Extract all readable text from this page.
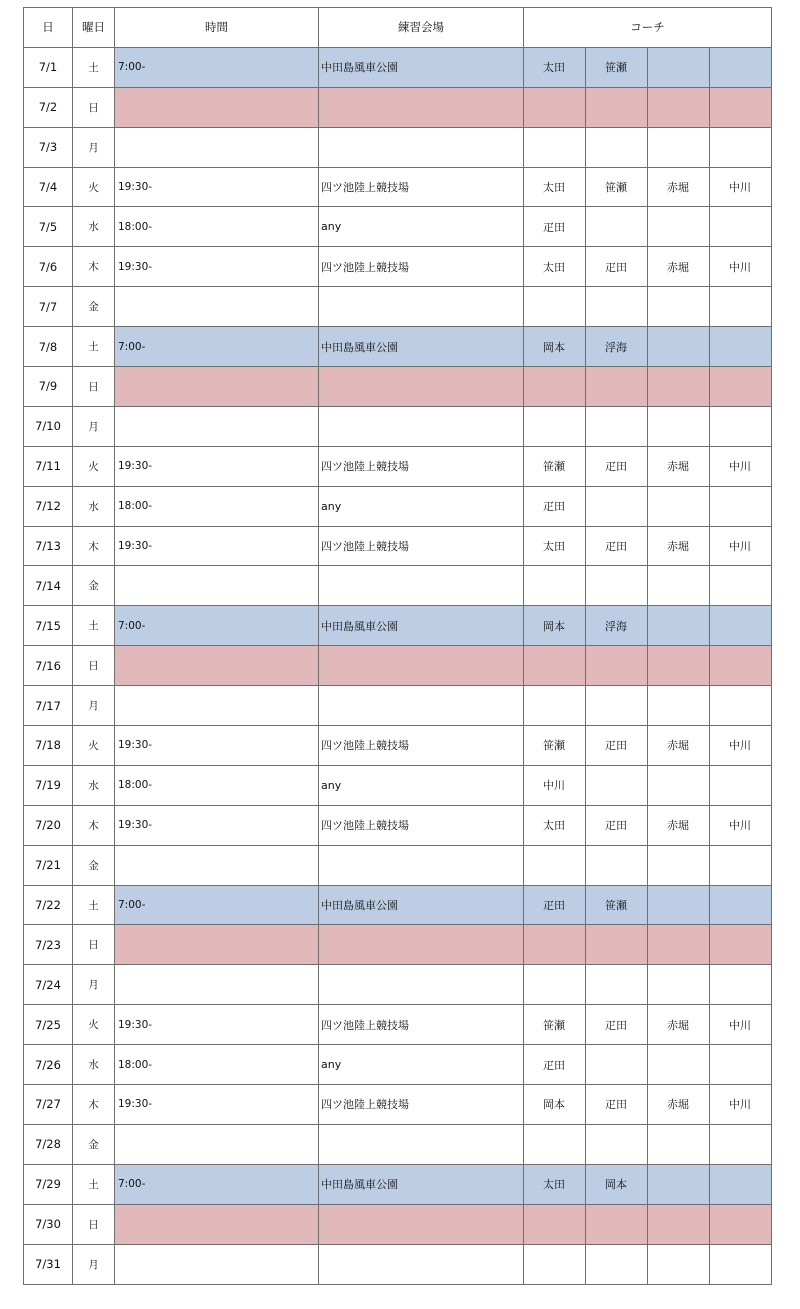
日	曜日	時間	練習会場	コーチ			
7/1	土	7:00-	中田島風車公園	太田	笹瀬		
7/2	日						
7/3	月						
7/4	火	19:30-	四ツ池陸上競技場	太田	笹瀬	赤堀	中川
7/5	水	18:00-	any	疋田			
7/6	木	19:30-	四ツ池陸上競技場	太田	疋田	赤堀	中川
7/7	金						
7/8	土	7:00-	中田島風車公園	岡本	浮海		
7/9	日						
7/10	月						
7/11	火	19:30-	四ツ池陸上競技場	笹瀬	疋田	赤堀	中川
7/12	水	18:00-	any	疋田			
7/13	木	19:30-	四ツ池陸上競技場	太田	疋田	赤堀	中川
7/14	金						
7/15	土	7:00-	中田島風車公園	岡本	浮海		
7/16	日						
7/17	月						
7/18	火	19:30-	四ツ池陸上競技場	笹瀬	疋田	赤堀	中川
7/19	水	18:00-	any	中川			
7/20	木	19:30-	四ツ池陸上競技場	太田	疋田	赤堀	中川
7/21	金						
7/22	土	7:00-	中田島風車公園	疋田	笹瀬		
7/23	日						
7/24	月						
7/25	火	19:30-	四ツ池陸上競技場	笹瀬	疋田	赤堀	中川
7/26	水	18:00-	any	疋田			
7/27	木	19:30-	四ツ池陸上競技場	岡本	疋田	赤堀	中川
7/28	金						
7/29	土	7:00-	中田島風車公園	太田	岡本		
7/30	日						
7/31	月						
